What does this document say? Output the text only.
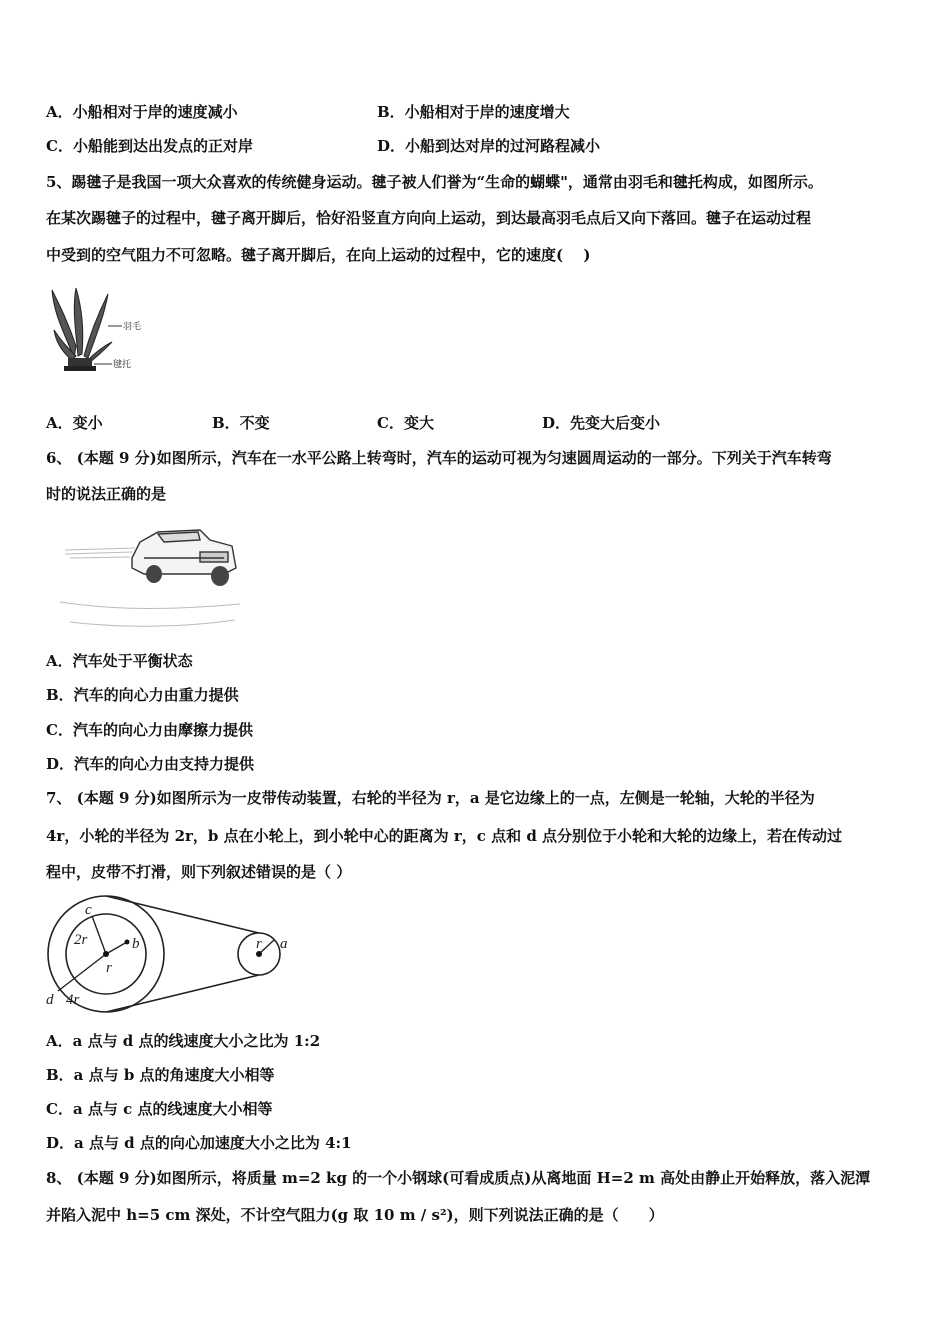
A．小船相对于岸的速度减小	B．小船相对于岸的速度增大
C．小船能到达出发点的正对岸	D．小船到达对岸的过河路程减小
5、踢毽子是我国一项大众喜欢的传统健身运动。毽子被人们誉为“生命的蝴蝶"，通常由羽毛和毽托构成，如图所示。
在某次踢毽子的过程中，毽子离开脚后，恰好沿竖直方向向上运动，到达最高羽毛点后又向下落回。毽子在运动过程
中受到的空气阻力不可忽略。毽子离开脚后，在向上运动的过程中，它的速度(　 )
羽毛
毽托
A．变小	B．不变	C．变大	D．先变大后变小
6、 (本题 9 分)如图所示，汽车在一水平公路上转弯时，汽车的运动可视为匀速圆周运动的一部分。下列关于汽车转弯
时的说法正确的是
A．汽车处于平衡状态
B．汽车的向心力由重力提供
C．汽车的向心力由摩擦力提供
D．汽车的向心力由支持力提供
7、 (本题 9 分)如图所示为一皮带传动装置，右轮的半径为 r，a 是它边缘上的一点，左侧是一轮轴，大轮的半径为
4r，小轮的半径为 2r，b 点在小轮上，到小轮中心的距离为 r，c 点和 d 点分别位于小轮和大轮的边缘上，若在传动过
程中，皮带不打滑，则下列叙述错误的是（ ）
c
2r	b
r
4r
d
r a
A．a 点与 d 点的线速度大小之比为 1:2
B．a 点与 b 点的角速度大小相等
C．a 点与 c 点的线速度大小相等
D．a 点与 d 点的向心加速度大小之比为 4:1
8、 (本题 9 分)如图所示，将质量 m=2 kg 的一个小钢球(可看成质点)从离地面 H=2 m 高处由静止开始释放，落入泥潭
并陷入泥中 h=5 cm 深处，不计空气阻力(g 取 10 m / s²)，则下列说法正确的是（　　）
